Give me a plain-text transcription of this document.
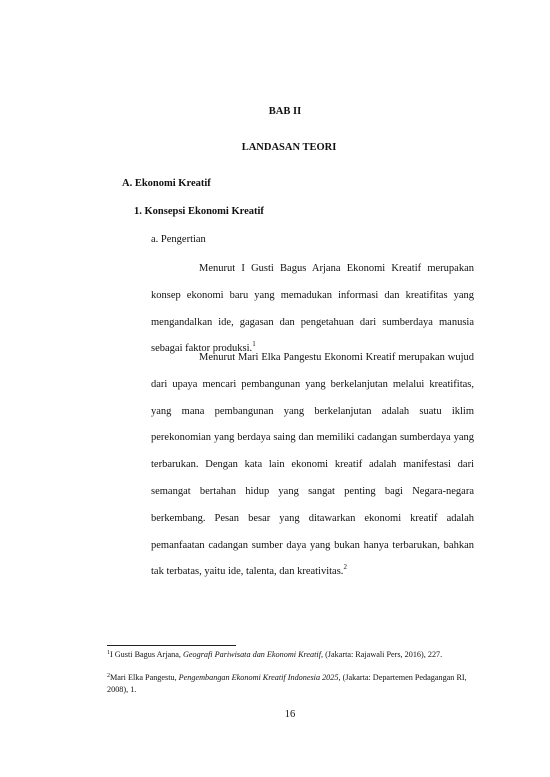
BAB II

LANDASAN TEORI

A. Ekonomi Kreatif

1. Konsepsi Ekonomi Kreatif

a. Pengertian

Menurut I Gusti Bagus Arjana Ekonomi Kreatif merupakan konsep ekonomi baru yang memadukan informasi dan kreatifitas yang mengandalkan ide, gagasan dan pengetahuan dari sumberdaya manusia sebagai faktor produksi.$^1$

Menurut Mari Elka Pangestu Ekonomi Kreatif merupakan wujud dari upaya mencari pembangunan yang berkelanjutan melalui kreatifitas, yang mana pembangunan yang berkelanjutan adalah suatu iklim perekonomian yang berdaya saing dan memiliki cadangan sumberdaya yang terbarukan. Dengan kata lain ekonomi kreatif adalah manifestasi dari semangat bertahan hidup yang sangat penting bagi Negara-negara berkembang. Pesan besar yang ditawarkan ekonomi kreatif adalah pemanfaatan cadangan sumber daya yang bukan hanya terbarukan, bahkan tak terbatas, yaitu ide, talenta, dan kreativitas.$^2$

$^1$I Gusti Bagus Arjana, Geografi Pariwisata dan Ekonomi Kreatif, (Jakarta: Rajawali Pers, 2016), 227.

$^2$Mari Elka Pangestu, Pengembangan Ekonomi Kreatif Indonesia 2025, (Jakarta: Departemen Pedagangan RI, 2008), 1.

16
